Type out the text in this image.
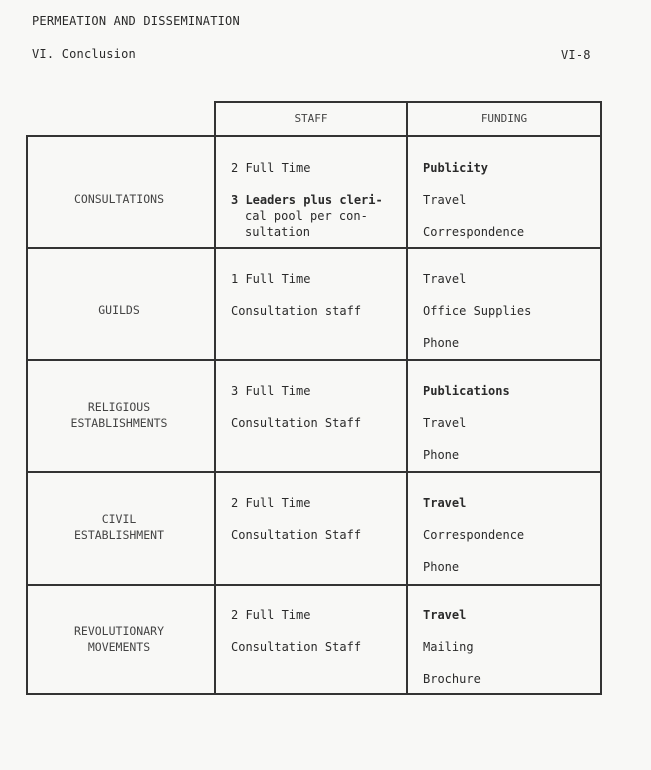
PERMEATION AND DISSEMINATION
VI. Conclusion	VI-8
STAFF	FUNDING
CONSULTATIONS
2 Full Time
3 Leaders plus cleri-
cal pool per con-
sultation
Publicity
Travel
Correspondence
GUILDS
1 Full Time
Consultation staff
Travel
Office Supplies
Phone
RELIGIOUS
ESTABLISHMENTS
3 Full Time
Consultation Staff
Publications
Travel
Phone
CIVIL
ESTABLISHMENT
2 Full Time
Consultation Staff
Travel
Correspondence
Phone
REVOLUTIONARY
MOVEMENTS
2 Full Time
Consultation Staff
Travel
Mailing
Brochure
